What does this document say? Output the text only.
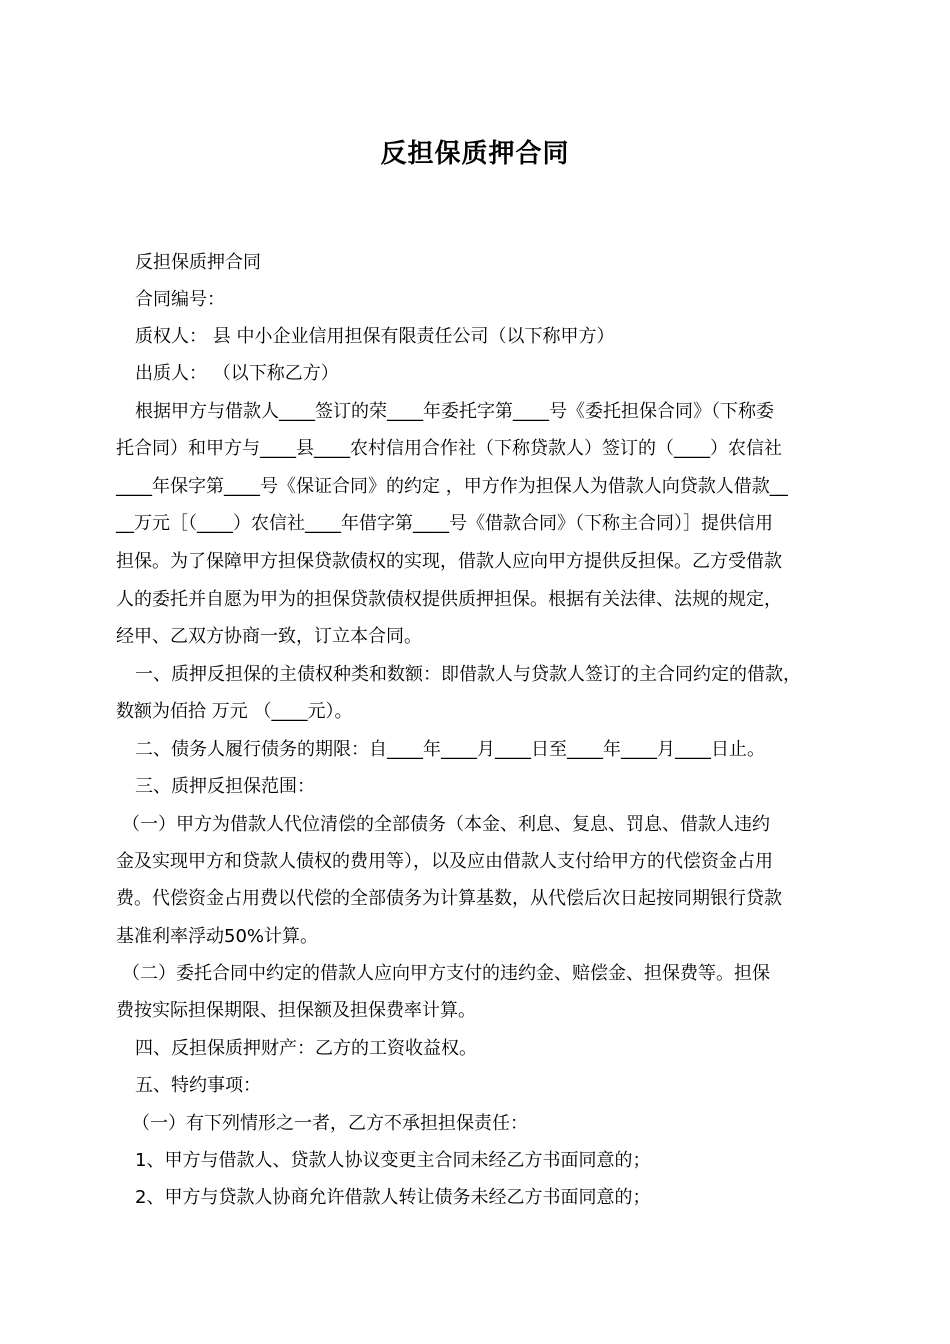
反担保质押合同
反担保质押合同
合同编号：
质权人： 县 中小企业信用担保有限责任公司（以下称甲方）
出质人： （以下称乙方）
根据甲方与借款人____签订的荣____年委托字第____号《委托担保合同》（下称委
托合同）和甲方与____县____农村信用合作社（下称贷款人）签订的（____）农信社
____年保字第____号《保证合同》的约定 ，甲方作为担保人为借款人向贷款人借款__
__万元［（____）农信社____年借字第____号《借款合同》（下称主合同）］提供信用
担保。为了保障甲方担保贷款债权的实现，借款人应向甲方提供反担保。乙方受借款
人的委托并自愿为甲为的担保贷款债权提供质押担保。根据有关法律、法规的规定，
经甲、乙双方协商一致，订立本合同。
一、质押反担保的主债权种类和数额：即借款人与贷款人签订的主合同约定的借款，
数额为佰拾 万元 （____元）。
二、债务人履行债务的期限：自____年____月____日至____年____月____日止。
三、质押反担保范围：
（一）甲方为借款人代位清偿的全部债务（本金、利息、复息、罚息、借款人违约
金及实现甲方和贷款人债权的费用等），以及应由借款人支付给甲方的代偿资金占用
费。代偿资金占用费以代偿的全部债务为计算基数，从代偿后次日起按同期银行贷款
基准利率浮动50%计算。
（二）委托合同中约定的借款人应向甲方支付的违约金、赔偿金、担保费等。担保
费按实际担保期限、担保额及担保费率计算。
四、反担保质押财产：乙方的工资收益权。
五、特约事项：
（一）有下列情形之一者，乙方不承担担保责任：
1、甲方与借款人、贷款人协议变更主合同未经乙方书面同意的；
2、甲方与贷款人协商允许借款人转让债务未经乙方书面同意的；
